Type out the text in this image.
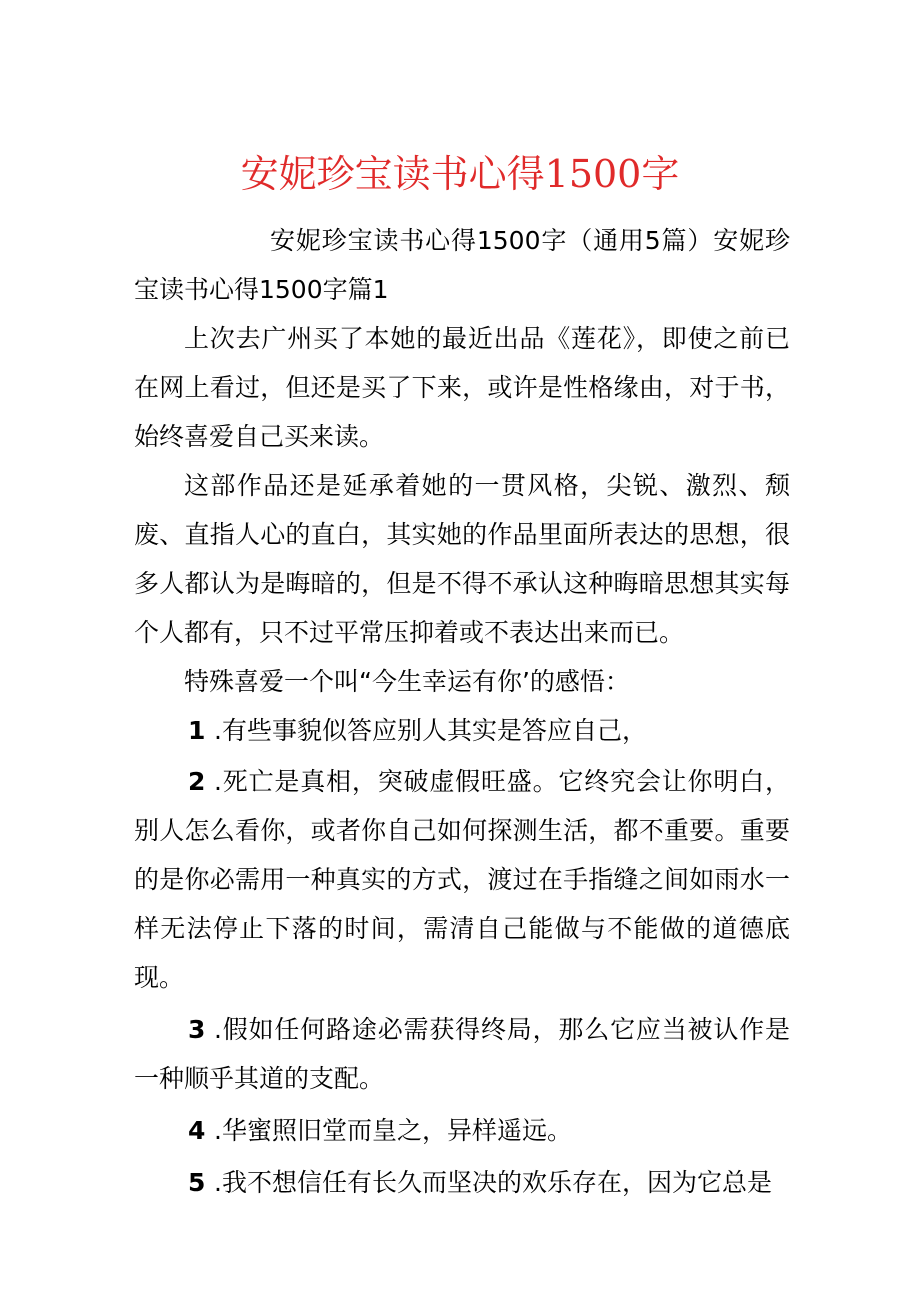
安妮珍宝读书心得1500字

安妮珍宝读书心得1500字（通用5篇）安妮珍宝读书心得1500字篇1

上次去广州买了本她的最近出品《莲花》，即使之前已在网上看过，但还是买了下来，或许是性格缘由，对于书，始终喜爱自己买来读。

这部作品还是延承着她的一贯风格，尖锐、激烈、颓废、直指人心的直白，其实她的作品里面所表达的思想，很多人都认为是晦暗的，但是不得不承认这种晦暗思想其实每个人都有，只不过平常压抑着或不表达出来而已。

特殊喜爱一个叫“今生幸运有你’的感悟：

1 .有些事貌似答应别人其实是答应自己，

2 .死亡是真相，突破虚假旺盛。它终究会让你明白，别人怎么看你，或者你自己如何探测生活，都不重要。重要的是你必需用一种真实的方式，渡过在手指缝之间如雨水一样无法停止下落的时间，需清自己能做与不能做的道德底现。

3 .假如任何路途必需获得终局，那么它应当被认作是一种顺乎其道的支配。

4 .华蜜照旧堂而皇之，异样遥远。

5 .我不想信任有长久而坚决的欢乐存在，因为它总是
